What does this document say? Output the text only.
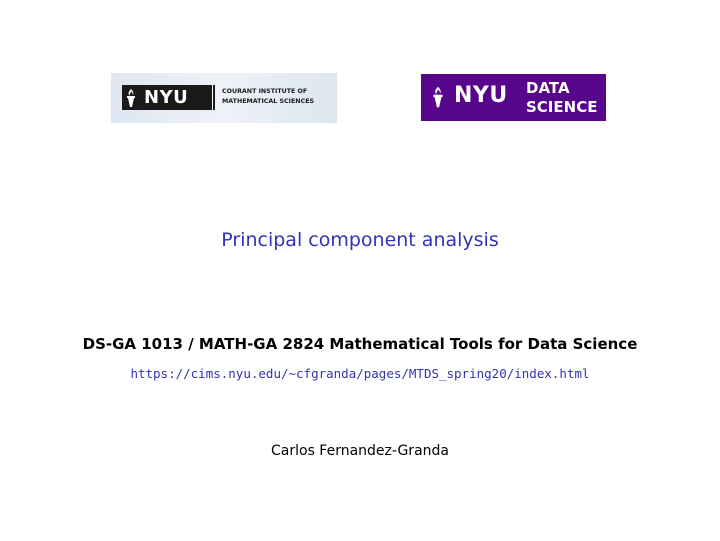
NYU	COURANT INSTITUTE OF
MATHEMATICAL SCIENCES	NYU DATA
SCIENCE
Principal component analysis
DS-GA 1013 / MATH-GA 2824 Mathematical Tools for Data Science
https://cims.nyu.edu/~cfgranda/pages/MTDS_spring20/index.html
Carlos Fernandez-Granda
